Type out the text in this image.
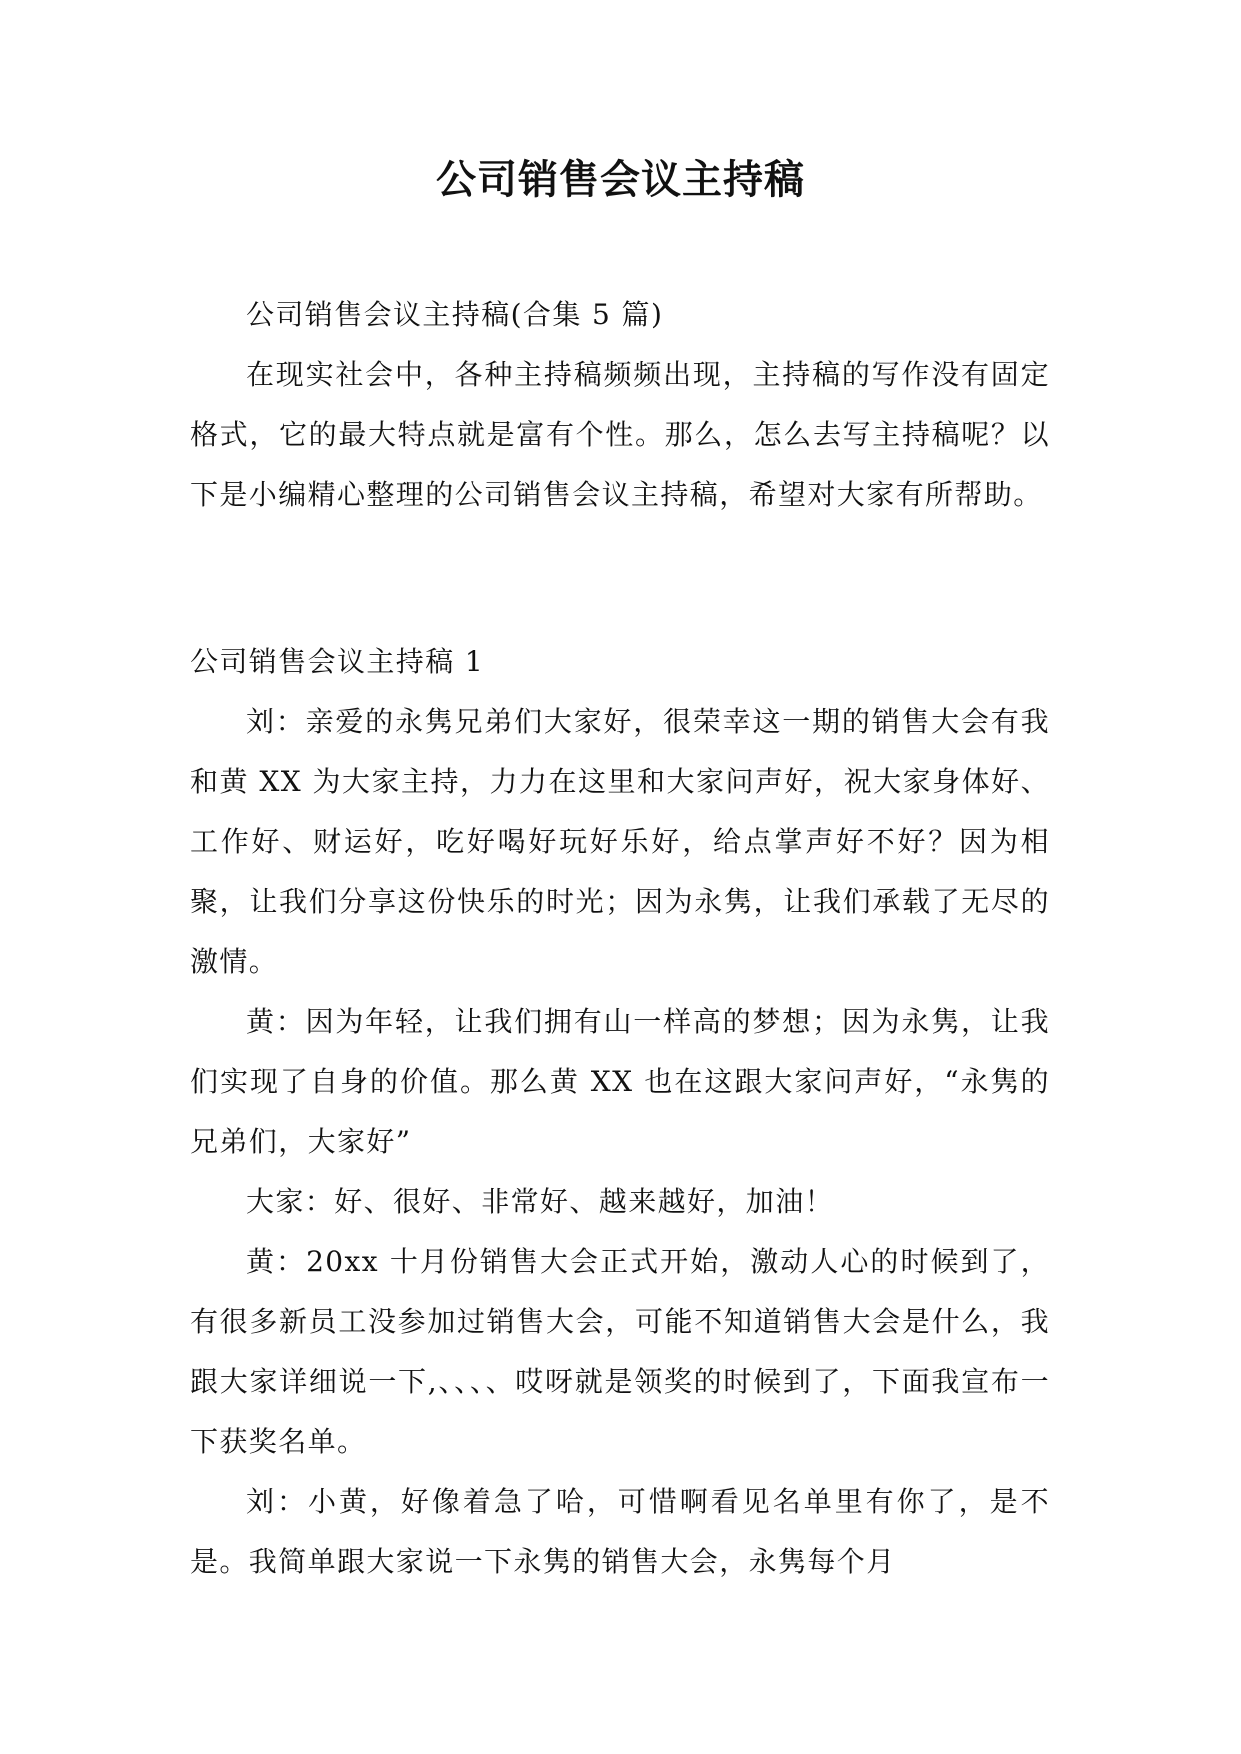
公司销售会议主持稿

公司销售会议主持稿(合集 5 篇)

在现实社会中，各种主持稿频频出现，主持稿的写作没有固定格式，它的最大特点就是富有个性。那么，怎么去写主持稿呢？以下是小编精心整理的公司销售会议主持稿，希望对大家有所帮助。

公司销售会议主持稿 1

刘：亲爱的永隽兄弟们大家好，很荣幸这一期的销售大会有我和黄 XX 为大家主持，力力在这里和大家问声好，祝大家身体好、工作好、财运好，吃好喝好玩好乐好，给点掌声好不好？因为相聚，让我们分享这份快乐的时光；因为永隽，让我们承载了无尽的激情。

黄：因为年轻，让我们拥有山一样高的梦想；因为永隽，让我们实现了自身的价值。那么黄 XX 也在这跟大家问声好，“永隽的兄弟们，大家好”

大家：好、很好、非常好、越来越好，加油！

黄：20xx 十月份销售大会正式开始，激动人心的时候到了，有很多新员工没参加过销售大会，可能不知道销售大会是什么，我跟大家详细说一下,、、、、哎呀就是领奖的时候到了，下面我宣布一下获奖名单。

刘：小黄，好像着急了哈，可惜啊看见名单里有你了，是不是。我简单跟大家说一下永隽的销售大会，永隽每个月
